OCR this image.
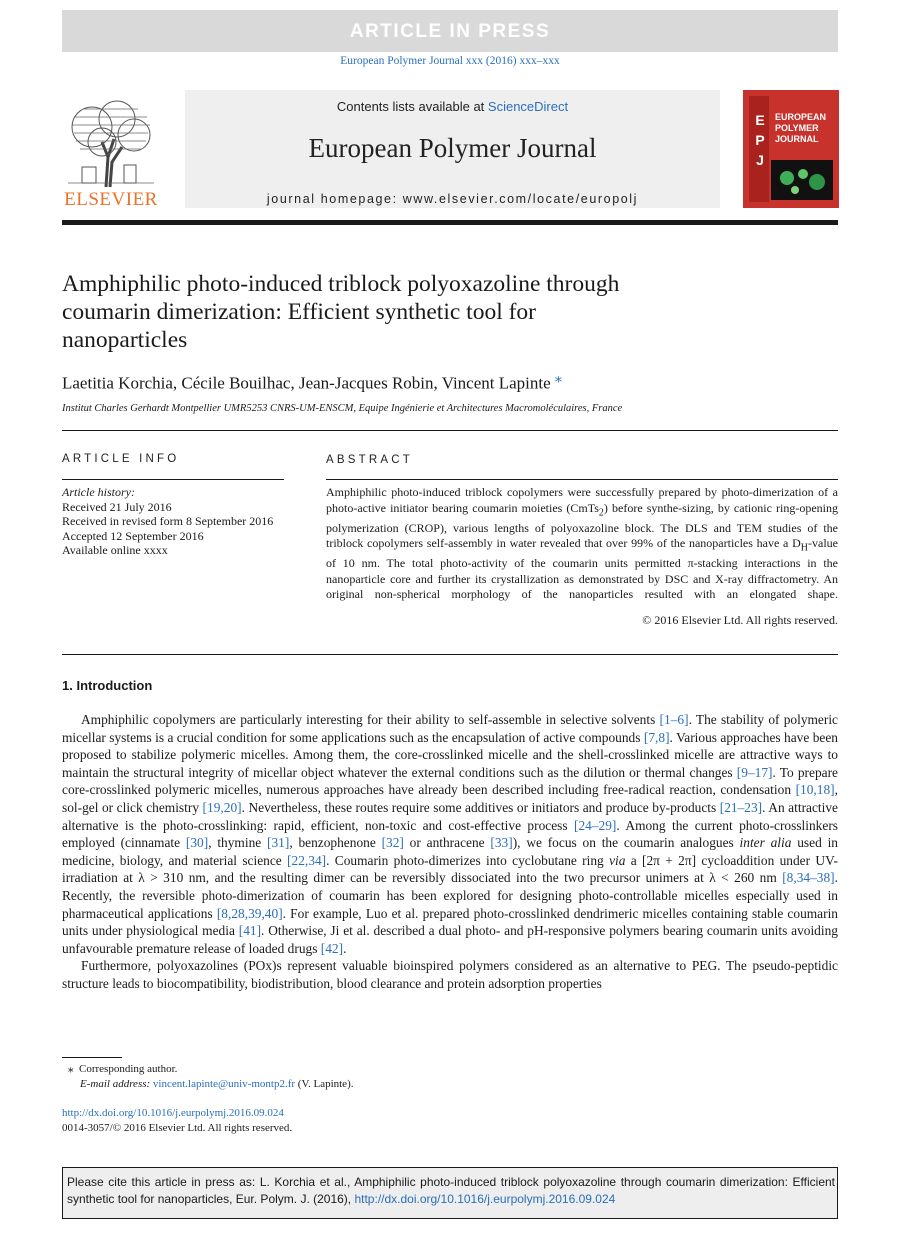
ARTICLE IN PRESS
European Polymer Journal xxx (2016) xxx–xxx
ELSEVIER
Contents lists available at ScienceDirect
European Polymer Journal
journal homepage: www.elsevier.com/locate/europolj
E
P
J
EUROPEAN
POLYMER
JOURNAL
Amphiphilic photo-induced triblock polyoxazoline through
coumarin dimerization: Efficient synthetic tool for
nanoparticles
Laetitia Korchia, Cécile Bouilhac, Jean-Jacques Robin, Vincent Lapinte ⁎
Institut Charles Gerhardt Montpellier UMR5253 CNRS-UM-ENSCM, Equipe Ingénierie et Architectures Macromoléculaires, France
ARTICLE INFO	ABSTRACT
Article history:
Received 21 July 2016
Received in revised form 8 September 2016
Accepted 12 September 2016
Available online xxxx
Amphiphilic photo-induced triblock copolymers were successfully prepared by photo-dimerization of a photo-active initiator bearing coumarin moieties (CmTs$_2$) before synthe-sizing, by cationic ring-opening polymerization (CROP), various lengths of polyoxazoline block. The DLS and TEM studies of the triblock copolymers self-assembly in water revealed that over 99% of the nanoparticles have a $D_H$-value of 10 nm. The total photo-activity of the coumarin units permitted π-stacking interactions in the nanoparticle core and further its crystallization as demonstrated by DSC and X-ray diffractometry. An original non-spherical morphology of the nanoparticles resulted with an elongated shape.
© 2016 Elsevier Ltd. All rights reserved.
1. Introduction

Amphiphilic copolymers are particularly interesting for their ability to self-assemble in selective solvents [1–6]. The stability of polymeric micellar systems is a crucial condition for some applications such as the encapsulation of active compounds [7,8]. Various approaches have been proposed to stabilize polymeric micelles. Among them, the core-crosslinked micelle and the shell-crosslinked micelle are attractive ways to maintain the structural integrity of micellar object whatever the external conditions such as the dilution or thermal changes [9–17]. To prepare core-crosslinked polymeric micelles, numerous approaches have already been described including free-radical reaction, condensation [10,18], sol-gel or click chemistry [19,20]. Nevertheless, these routes require some additives or initiators and produce by-products [21–23]. An attractive alternative is the photo-crosslinking: rapid, efficient, non-toxic and cost-effective process [24–29]. Among the current photo-crosslinkers employed (cinnamate [30], thymine [31], benzophenone [32] or anthracene [33]), we focus on the coumarin analogues inter alia used in medicine, biology, and material science [22,34]. Coumarin photo-dimerizes into cyclobutane ring via a [2π + 2π] cycloaddition under UV-irradiation at λ > 310 nm, and the resulting dimer can be reversibly dissociated into the two precursor unimers at λ < 260 nm [8,34–38]. Recently, the reversible photo-dimerization of coumarin has been explored for designing photo-controllable micelles especially used in pharmaceutical applications [8,28,39,40]. For example, Luo et al. prepared photo-crosslinked dendrimeric micelles containing stable coumarin units under physiological media [41]. Otherwise, Ji et al. described a dual photo- and pH-responsive polymers bearing coumarin units avoiding unfavourable premature release of loaded drugs [42].

Furthermore, polyoxazolines (POx)s represent valuable bioinspired polymers considered as an alternative to PEG. The pseudo-peptidic structure leads to biocompatibility, biodistribution, blood clearance and protein adsorption properties

⁎ Corresponding author.
E-mail address: vincent.lapinte@univ-montp2.fr (V. Lapinte).
http://dx.doi.org/10.1016/j.eurpolymj.2016.09.024
0014-3057/© 2016 Elsevier Ltd. All rights reserved.
Please cite this article in press as: L. Korchia et al., Amphiphilic photo-induced triblock polyoxazoline through coumarin dimerization: Efficient synthetic tool for nanoparticles, Eur. Polym. J. (2016), http://dx.doi.org/10.1016/j.eurpolymj.2016.09.024
